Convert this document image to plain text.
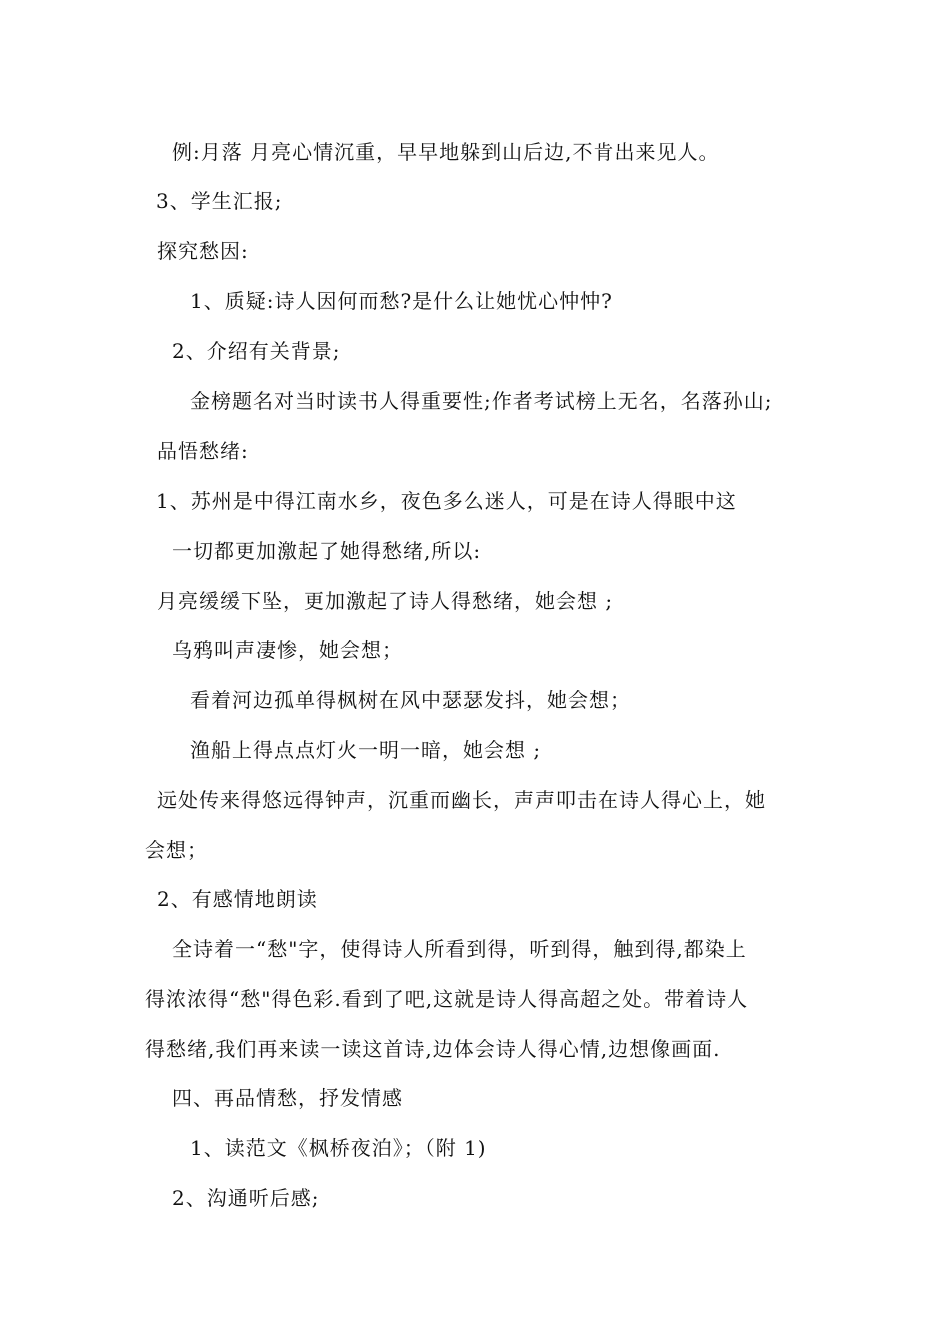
例:月落 月亮心情沉重，早早地躲到山后边,不肯出来见人。
3、学生汇报;
探究愁因:
1、质疑:诗人因何而愁?是什么让她忧心忡忡?
2、介绍有关背景;
金榜题名对当时读书人得重要性;作者考试榜上无名，名落孙山;
品悟愁绪:
1、苏州是中得江南水乡，夜色多么迷人，可是在诗人得眼中这
一切都更加激起了她得愁绪,所以:
月亮缓缓下坠，更加激起了诗人得愁绪，她会想 ;
乌鸦叫声凄惨，她会想；
看着河边孤单得枫树在风中瑟瑟发抖，她会想；
渔船上得点点灯火一明一暗，她会想 ;
远处传来得悠远得钟声，沉重而幽长，声声叩击在诗人得心上，她
会想；
2、有感情地朗读
全诗着一“愁"字，使得诗人所看到得，听到得，触到得,都染上
得浓浓得“愁"得色彩.看到了吧,这就是诗人得高超之处。带着诗人
得愁绪,我们再来读一读这首诗,边体会诗人得心情,边想像画面.
四、再品情愁，抒发情感
1、读范文《枫桥夜泊》；（附 1)
2、沟通听后感;
